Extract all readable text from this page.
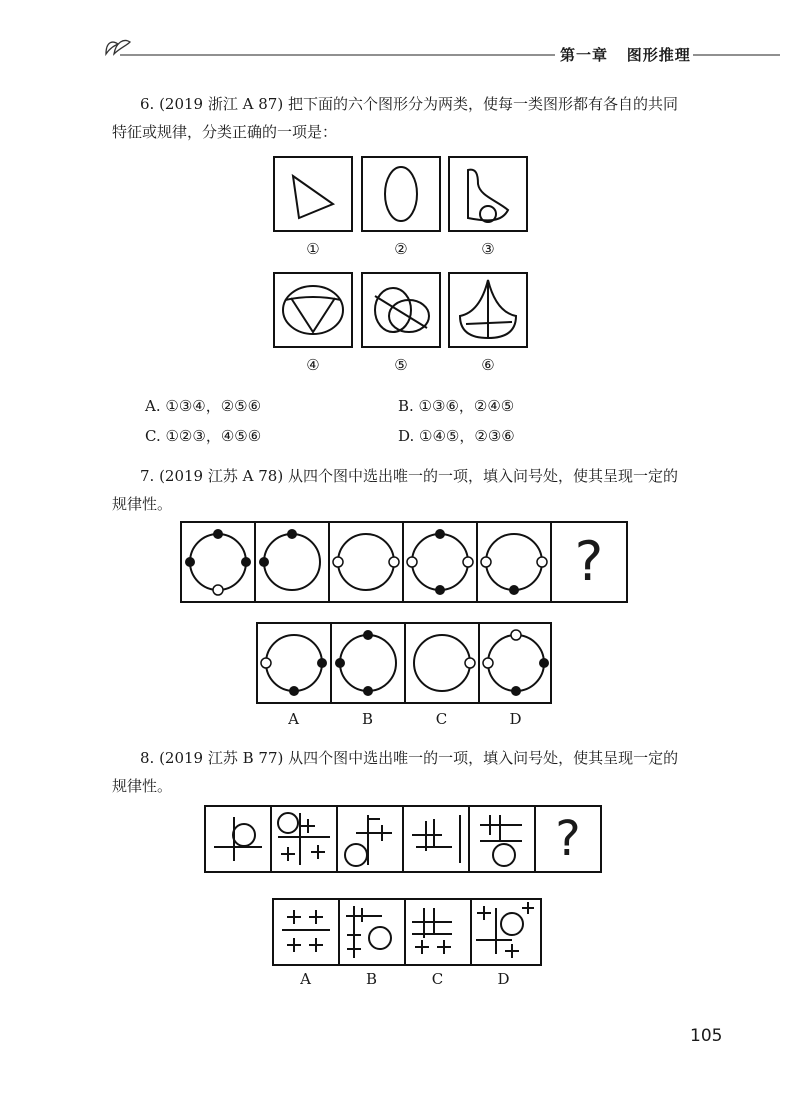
第一章 图形推理
6. (2019 浙江 A 87) 把下面的六个图形分为两类，使每一类图形都有各自的共同
特征或规律，分类正确的一项是：
①	②	③
④	⑤	⑥
A. ①③④，②⑤⑥	B. ①③⑥，②④⑤
C. ①②③，④⑤⑥	D. ①④⑤，②③⑥
7. (2019 江苏 A 78) 从四个图中选出唯一的一项，填入问号处，使其呈现一定的
规律性。
?
A	B	C	D
8. (2019 江苏 B 77) 从四个图中选出唯一的一项，填入问号处，使其呈现一定的
规律性。
?
A	B	C	D
105
